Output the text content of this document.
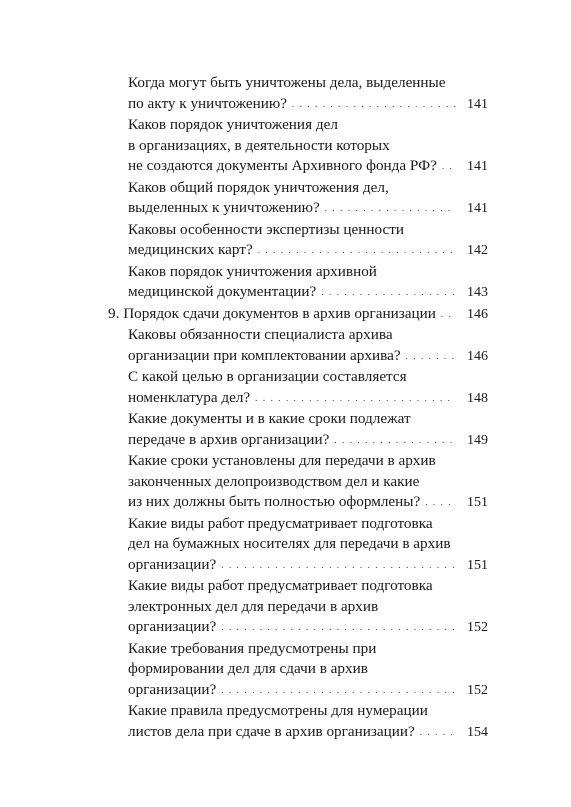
Когда могут быть уничтожены дела, выделенные
по акту к уничтожению? . . .	141
Каков порядок уничтожения дел
в организациях, в деятельности которых
не создаются документы Архивного фонда РФ? . . .	141
Каков общий порядок уничтожения дел,
выделенных к уничтожению? . . .	141
Каковы особенности экспертизы ценности
медицинских карт? . . .	142
Каков порядок уничтожения архивной
медицинской документации? . . .	143
9. Порядок сдачи документов в архив организации . . .	146
Каковы обязанности специалиста архива
организации при комплектовании архива? . . .	146
С какой целью в организации составляется
номенклатура дел? . . .	148
Какие документы и в какие сроки подлежат
передаче в архив организации? . . .	149
Какие сроки установлены для передачи в архив
законченных делопроизводством дел и какие
из них должны быть полностью оформлены? . . .	151
Какие виды работ предусматривает подготовка
дел на бумажных носителях для передачи в архив
организации? . . .	151
Какие виды работ предусматривает подготовка
электронных дел для передачи в архив
организации? . . .	152
Какие требования предусмотрены при
формировании дел для сдачи в архив
организации? . . .	152
Какие правила предусмотрены для нумерации
листов дела при сдаче в архив организации? . . .	154
